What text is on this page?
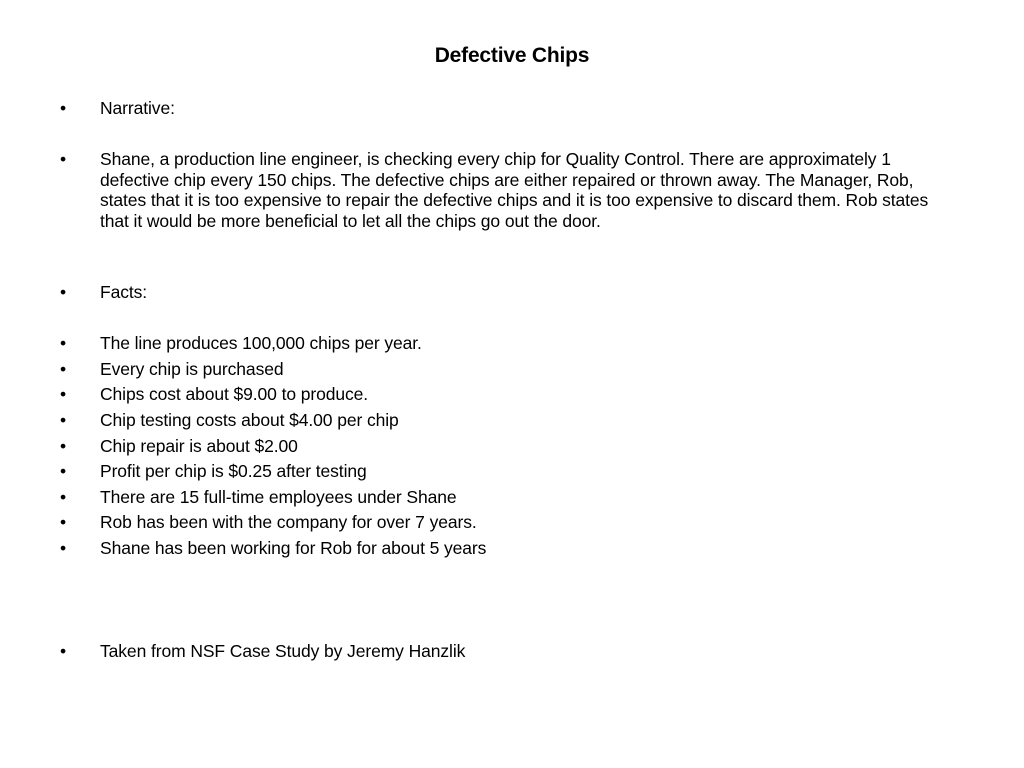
Defective Chips
•	Narrative:
•	Shane, a production line engineer, is checking every chip for Quality Control. There are approximately 1 defective chip every 150 chips. The defective chips are either repaired or thrown away. The Manager, Rob, states that it is too expensive to repair the defective chips and it is too expensive to discard them. Rob states that it would be more beneficial to let all the chips go out the door.
•	Facts:
•	The line produces 100,000 chips per year.
•	Every chip is purchased
•	Chips cost about $9.00 to produce.
•	Chip testing costs about $4.00 per chip
•	Chip repair is about $2.00
•	Profit per chip is $0.25 after testing
•	There are 15 full-time employees under Shane
•	Rob has been with the company for over 7 years.
•	Shane has been working for Rob for about 5 years
•	Taken from NSF Case Study by Jeremy Hanzlik
